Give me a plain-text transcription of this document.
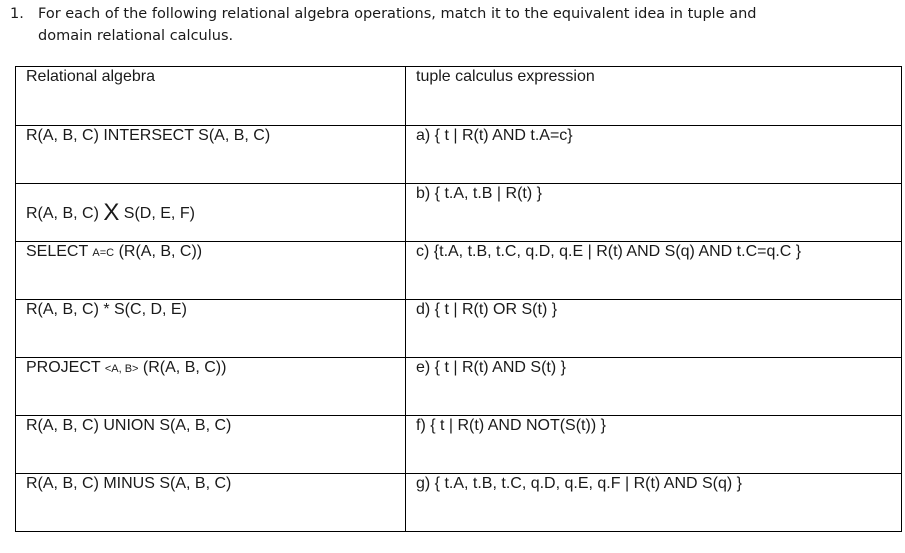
1. For each of the following relational algebra operations, match it to the equivalent idea in tuple and domain relational calculus.
Relational algebra	tuple calculus expression
R(A, B, C) INTERSECT S(A, B, C)	a) { t | R(t) AND t.A=c}
R(A, B, C) X S(D, E, F)	b) { t.A, t.B | R(t) }
SELECT A=C (R(A, B, C))	c) {t.A, t.B, t.C, q.D, q.E | R(t) AND S(q) AND t.C=q.C }
R(A, B, C) * S(C, D, E)	d) { t | R(t) OR S(t) }
PROJECT <A, B> (R(A, B, C))	e) { t | R(t) AND S(t) }
R(A, B, C) UNION S(A, B, C)	f) { t | R(t) AND NOT(S(t)) }
R(A, B, C) MINUS S(A, B, C)	g) { t.A, t.B, t.C, q.D, q.E, q.F | R(t) AND S(q) }
